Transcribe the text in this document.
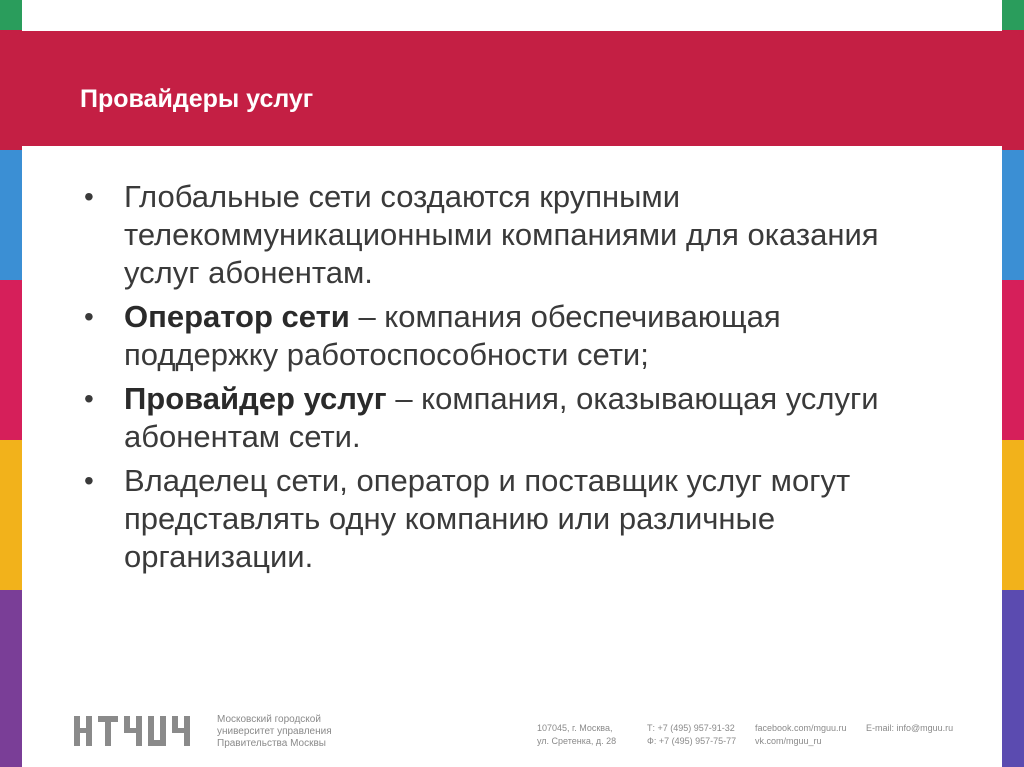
Провайдеры услуг
• Глобальные сети создаются крупными телекоммуникационными компаниями для оказания услуг абонентам.
• Оператор сети – компания обеспечивающая поддержку работоспособности сети;
• Провайдер услуг – компания, оказывающая услуги абонентам сети.
• Владелец сети, оператор и поставщик услуг могут представлять одну компанию или различные организации.
Московский городской
университет управления
Правительства Москвы
107045, г. Москва,
ул. Сретенка, д. 28
Т: +7 (495) 957-91-32
Ф: +7 (495) 957-75-77
facebook.com/mguu.ru
vk.com/mguu_ru
E-mail: info@mguu.ru
